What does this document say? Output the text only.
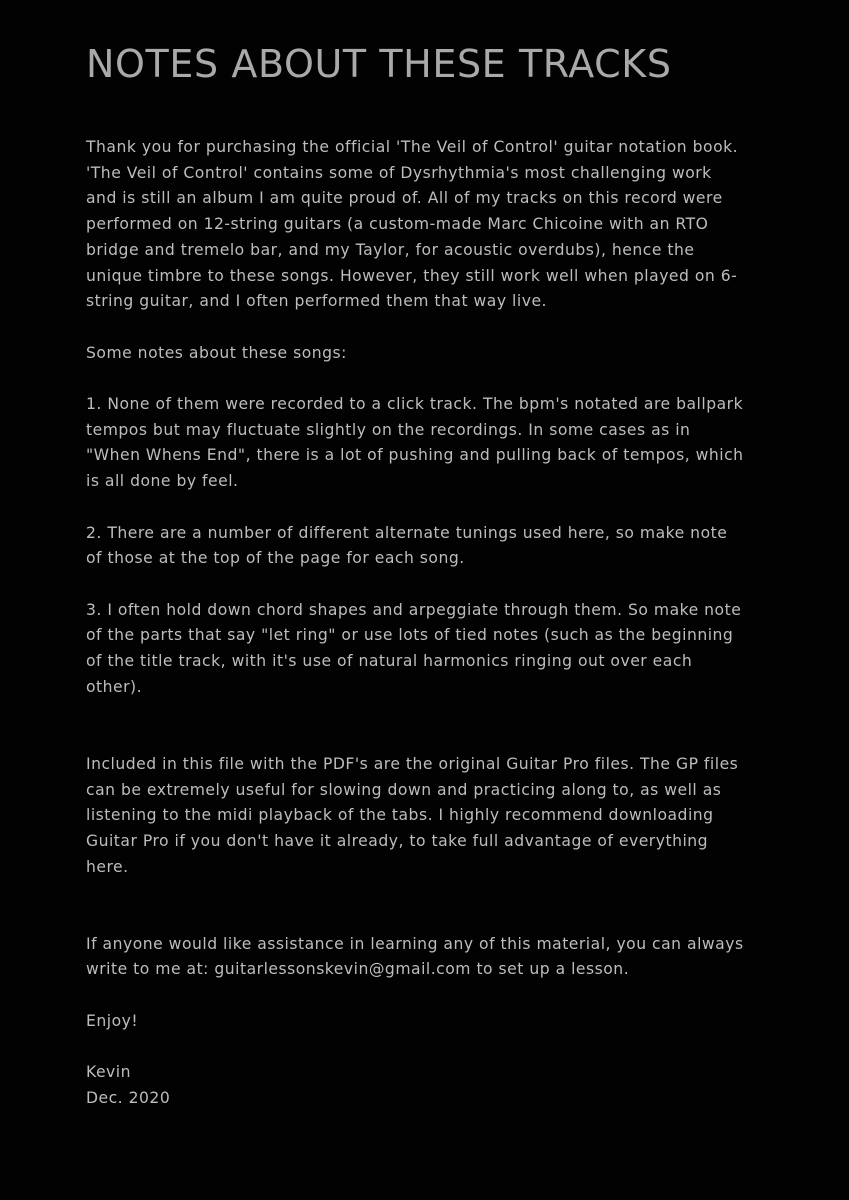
NOTES ABOUT THESE TRACKS

Thank you for purchasing the official 'The Veil of Control' guitar notation book. 'The Veil of Control' contains some of Dysrhythmia's most challenging work and is still an album I am quite proud of. All of my tracks on this record were performed on 12-string guitars (a custom-made Marc Chicoine with an RTO bridge and tremelo bar, and my Taylor, for acoustic overdubs), hence the unique timbre to these songs. However, they still work well when played on 6-string guitar, and I often performed them that way live.

Some notes about these songs:

1. None of them were recorded to a click track. The bpm's notated are ballpark tempos but may fluctuate slightly on the recordings. In some cases as in "When Whens End", there is a lot of pushing and pulling back of tempos, which is all done by feel.

2. There are a number of different alternate tunings used here, so make note of those at the top of the page for each song.

3. I often hold down chord shapes and arpeggiate through them. So make note of the parts that say "let ring" or use lots of tied notes (such as the beginning of the title track, with it's use of natural harmonics ringing out over each other).

Included in this file with the PDF's are the original Guitar Pro files. The GP files can be extremely useful for slowing down and practicing along to, as well as listening to the midi playback of the tabs. I highly recommend downloading Guitar Pro if you don't have it already, to take full advantage of everything here.

If anyone would like assistance in learning any of this material, you can always write to me at: guitarlessonskevin@gmail.com to set up a lesson.

Enjoy!

Kevin

Dec. 2020
